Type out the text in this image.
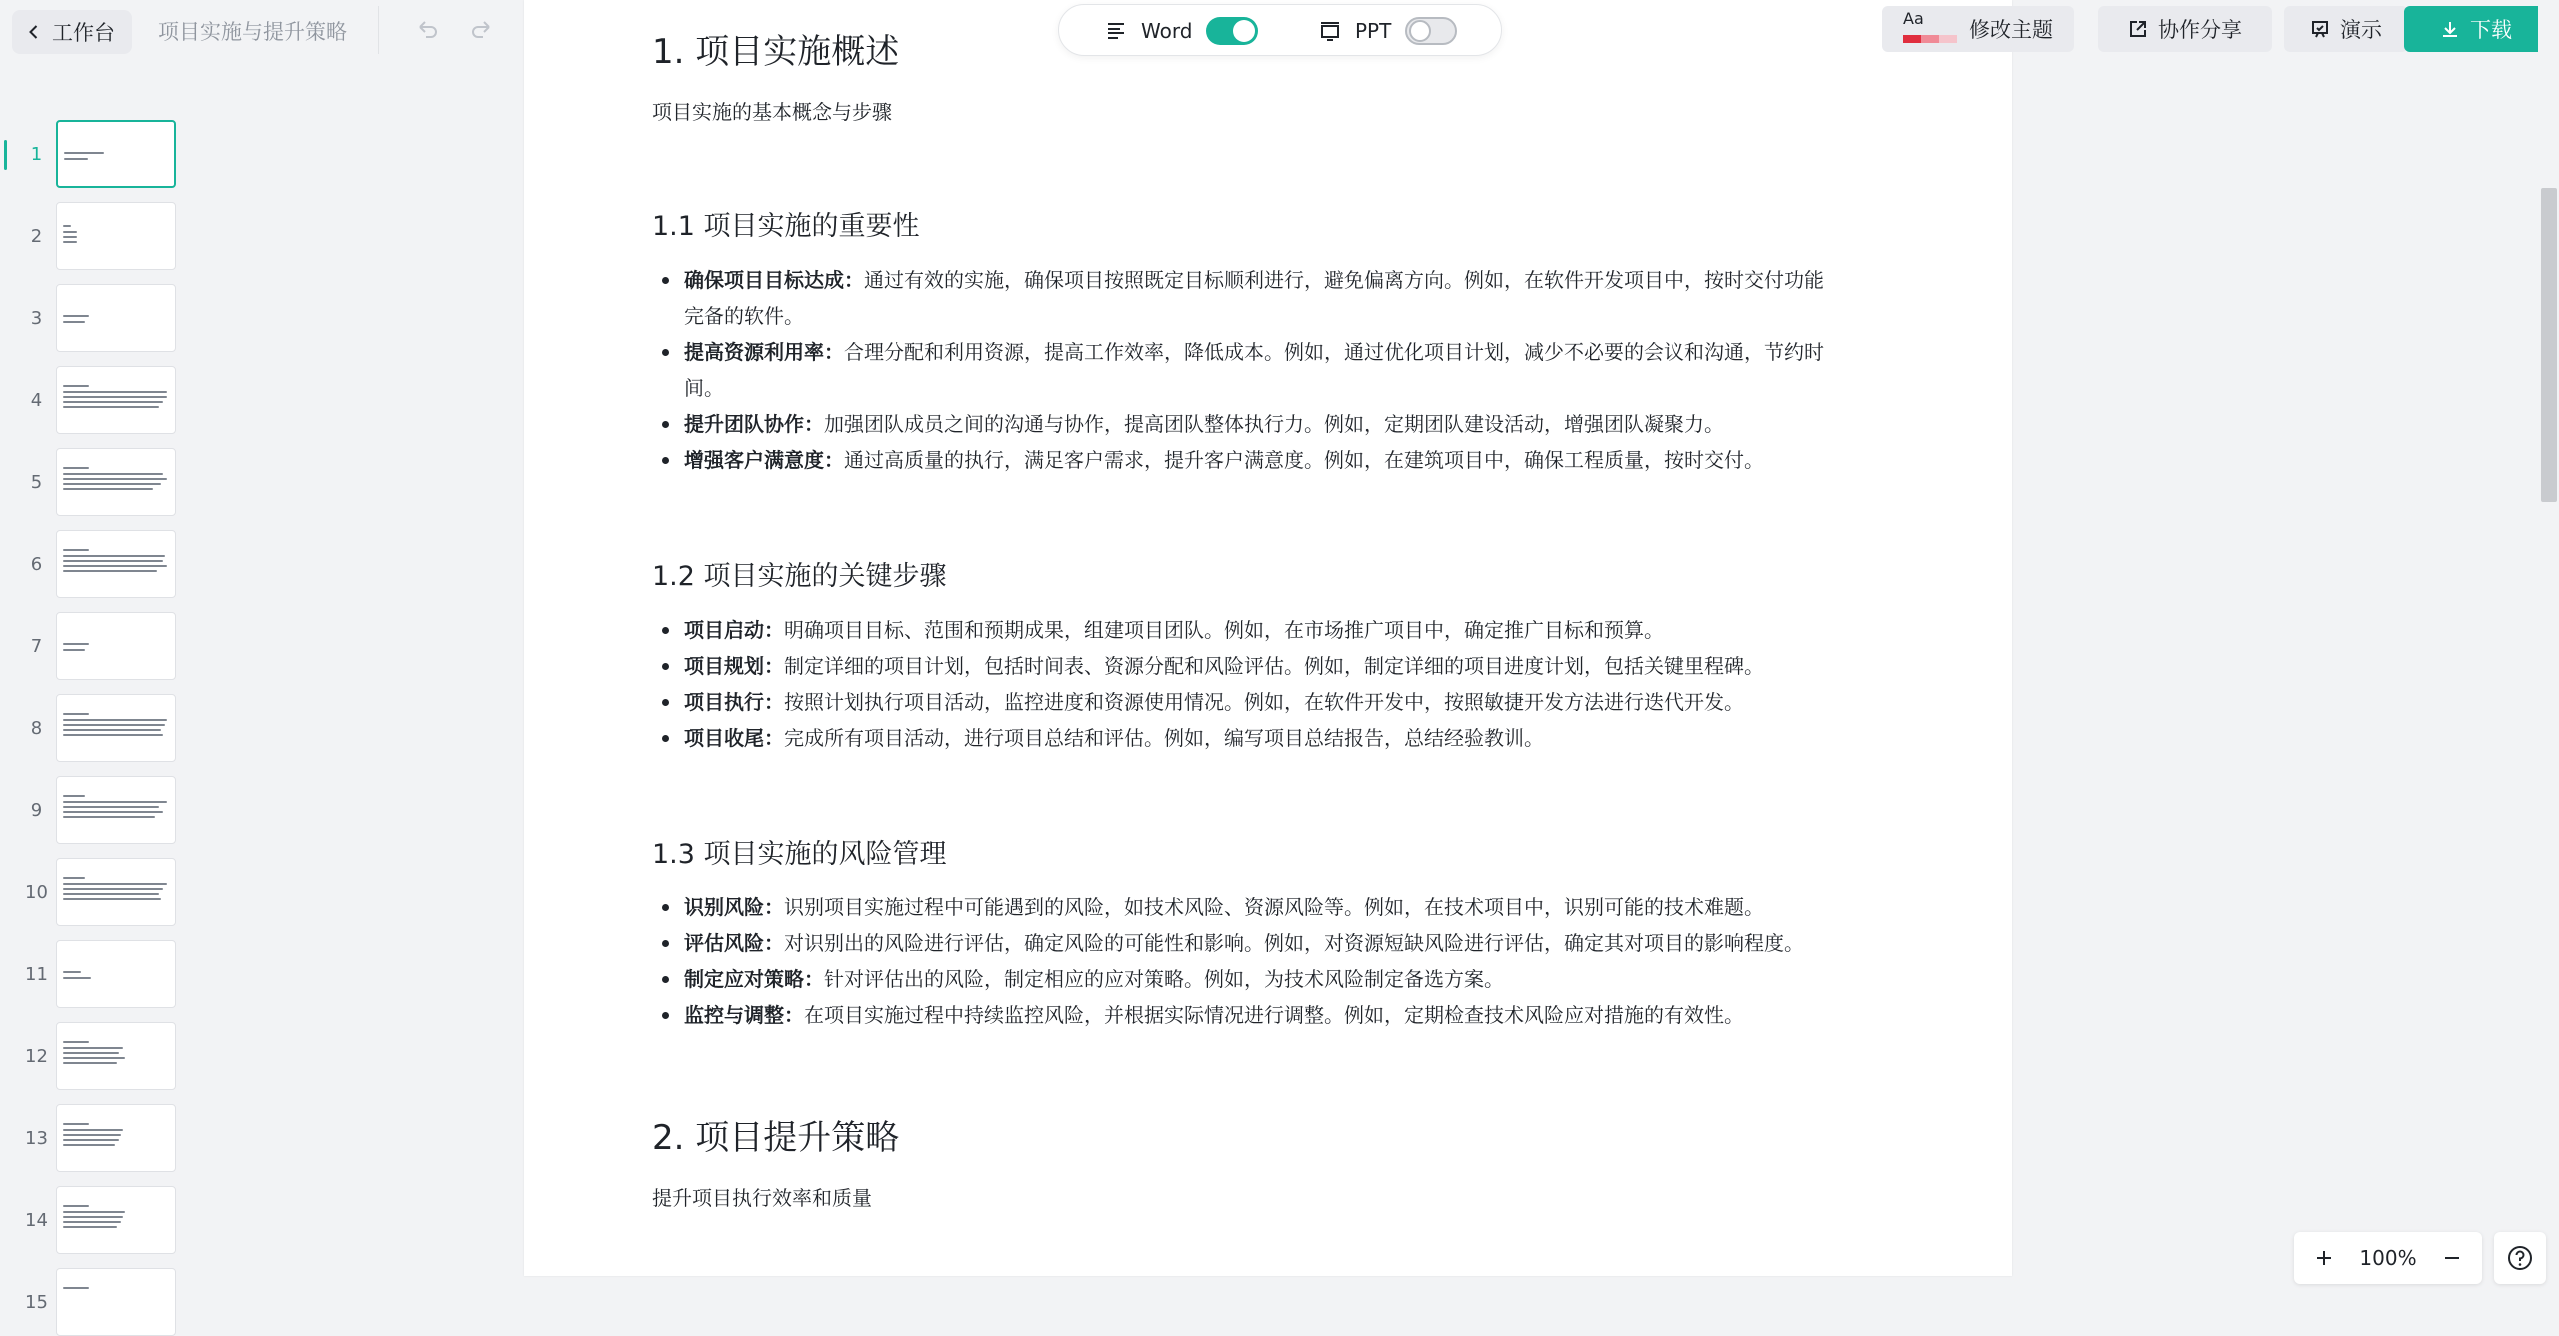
工作台 项目实施与提升策略
1
2
3
4
5
6
7
8
9
10
11
12
13
14
15
1. 项目实施概述
项目实施的基本概念与步骤
1.1 项目实施的重要性
确保项目目标达成：通过有效的实施，确保项目按照既定目标顺利进行，避免偏离方向。例如，在软件开发项目中，按时交付功能
完备的软件。
提高资源利用率：合理分配和利用资源，提高工作效率，降低成本。例如，通过优化项目计划，减少不必要的会议和沟通，节约时
间。
提升团队协作：加强团队成员之间的沟通与协作，提高团队整体执行力。例如，定期团队建设活动，增强团队凝聚力。
增强客户满意度：通过高质量的执行，满足客户需求，提升客户满意度。例如，在建筑项目中，确保工程质量，按时交付。
1.2 项目实施的关键步骤
项目启动：明确项目目标、范围和预期成果，组建项目团队。例如，在市场推广项目中，确定推广目标和预算。
项目规划：制定详细的项目计划，包括时间表、资源分配和风险评估。例如，制定详细的项目进度计划，包括关键里程碑。
项目执行：按照计划执行项目活动，监控进度和资源使用情况。例如，在软件开发中，按照敏捷开发方法进行迭代开发。
项目收尾：完成所有项目活动，进行项目总结和评估。例如，编写项目总结报告，总结经验教训。
1.3 项目实施的风险管理
识别风险：识别项目实施过程中可能遇到的风险，如技术风险、资源风险等。例如，在技术项目中，识别可能的技术难题。
评估风险：对识别出的风险进行评估，确定风险的可能性和影响。例如，对资源短缺风险进行评估，确定其对项目的影响程度。
制定应对策略：针对评估出的风险，制定相应的应对策略。例如，为技术风险制定备选方案。
监控与调整：在项目实施过程中持续监控风险，并根据实际情况进行调整。例如，定期检查技术风险应对措施的有效性。
2. 项目提升策略
提升项目执行效率和质量
Word	PPT
Aa 修改主题	协作分享	演示	下载
100%
